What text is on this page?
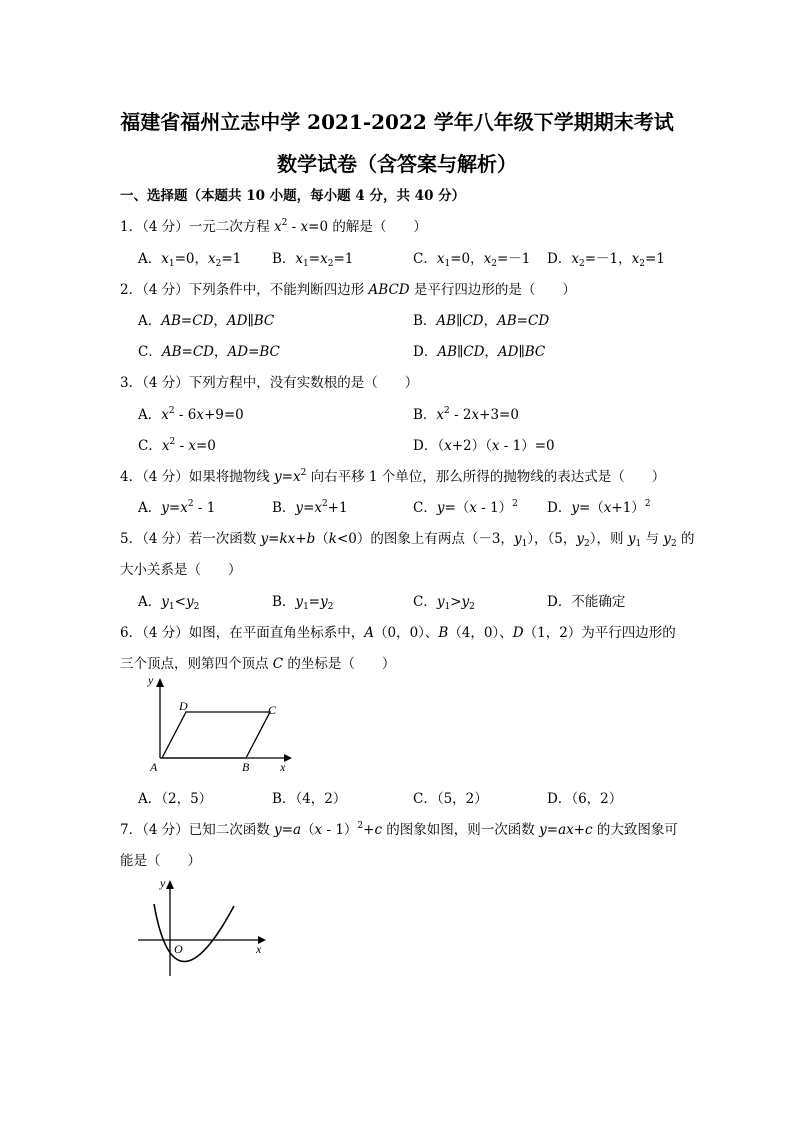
福建省福州立志中学 2021-2022 学年八年级下学期期末考试
数学试卷（含答案与解析）
一、选择题（本题共 10 小题，每小题 4 分，共 40 分）
1．（4 分）一元二次方程 $x^2 - x=0$ 的解是（　　）
A．$x_1=0$，$x_2=1$ B．$x_1=x_2=1$	C．$x_1=0$，$x_2=-1$ D．$x_2=-1$，$x_2=1$
2．（4 分）下列条件中，不能判断四边形 ABCD 是平行四边形的是（　　）
A．AB=CD，AD∥BC	B．AB∥CD，AB=CD
C．AB=CD，AD=BC	D．AB∥CD，AD∥BC
3．（4 分）下列方程中，没有实数根的是（　　）
A．$x^2 - 6x+9=0$	B．$x^2 - 2x+3=0$
C．$x^2 - x=0$	D．（x+2）（x - 1）=0
4．（4 分）如果将抛物线 $y=x^2$ 向右平移 1 个单位，那么所得的抛物线的表达式是（　　）
A．$y=x^2 - 1$	B．$y=x^2+1$	C．y=（x - 1）$^2$ D．$y=(x+1)^2$
5．（4 分）若一次函数 y=kx+b（k<0）的图象上有两点（－3，$y_1$），（5，$y_2$），则 $y_1$ 与 $y_2$ 的
大小关系是（　　）
A．$y_1<y_2$	B．$y_1=y_2$	C．$y_1>y_2$	D．不能确定
6．（4 分）如图，在平面直角坐标系中，A（0，0）、B（4，0）、D（1，2）为平行四边形的
三个顶点，则第四个顶点 C 的坐标是（　　）
y
x
A	B
C
D
A．（2，5）	B．（4，2）	C．（5，2）	D．（6，2）
7．（4 分）已知二次函数 y=a（x - 1）$^2$+c 的图象如图，则一次函数 y=ax+c 的大致图象可
能是（　　）
y
x
O
